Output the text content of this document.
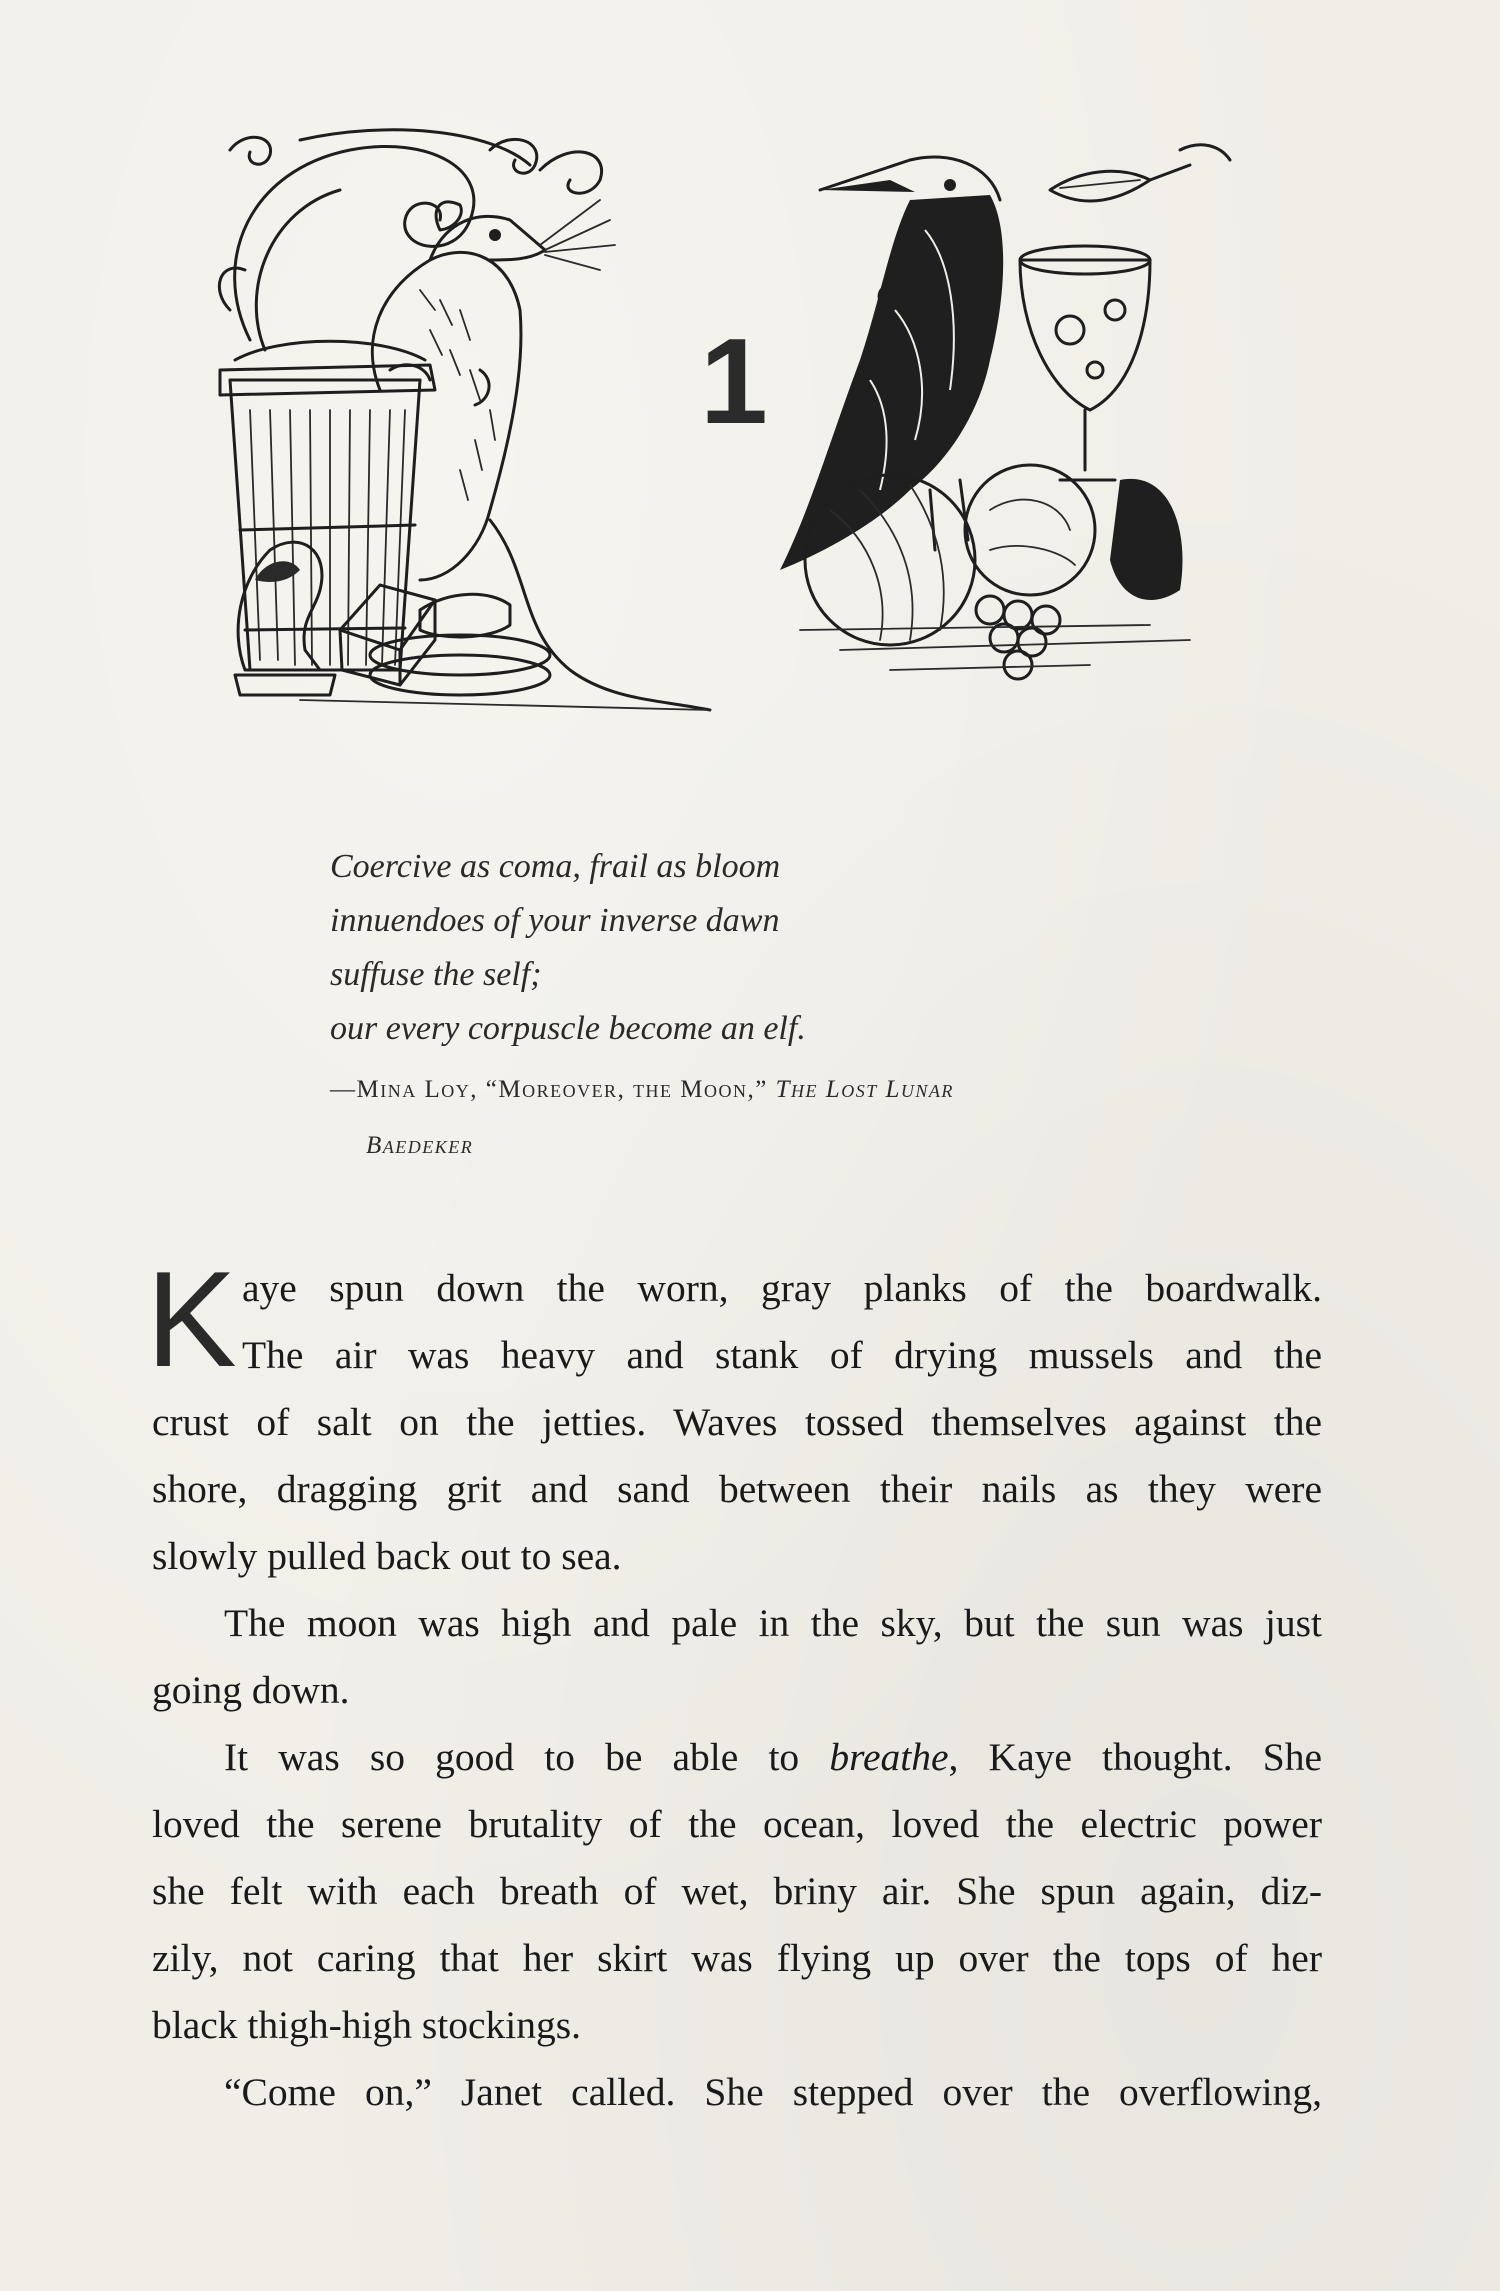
1
Coercive as coma, frail as bloom
innuendoes of your inverse dawn
suffuse the self;
our every corpuscle become an elf.
—Mina Loy, “Moreover, the Moon,” The Lost Lunar
Baedeker
K aye spun down the worn, gray planks of the boardwalk.
The air was heavy and stank of drying mussels and the
crust of salt on the jetties. Waves tossed themselves against the
shore, dragging grit and sand between their nails as they were
slowly pulled back out to sea.
The moon was high and pale in the sky, but the sun was just
going down.
It was so good to be able to breathe, Kaye thought. She
loved the serene brutality of the ocean, loved the electric power
she felt with each breath of wet, briny air. She spun again, diz-
zily, not caring that her skirt was flying up over the tops of her
black thigh-high stockings.
“Come on,” Janet called. She stepped over the overflowing,
